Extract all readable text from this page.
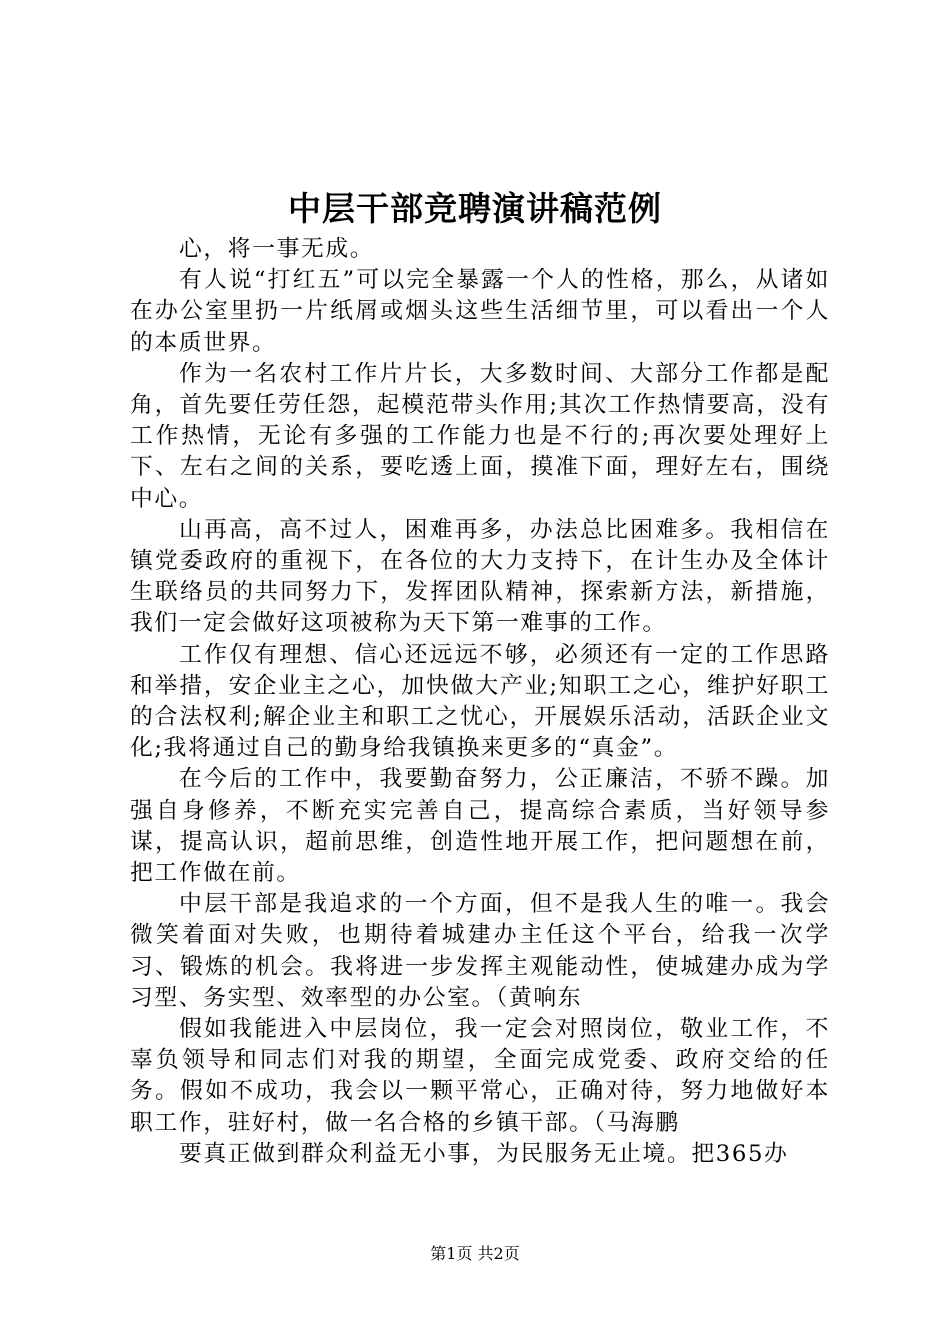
中层干部竞聘演讲稿范例

心，将一事无成。

有人说“打红五”可以完全暴露一个人的性格，那么，从诸如在办公室里扔一片纸屑或烟头这些生活细节里，可以看出一个人的本质世界。

作为一名农村工作片片长，大多数时间、大部分工作都是配角，首先要任劳任怨，起模范带头作用;其次工作热情要高，没有工作热情，无论有多强的工作能力也是不行的;再次要处理好上下、左右之间的关系，要吃透上面，摸准下面，理好左右，围绕中心。

山再高，高不过人，困难再多，办法总比困难多。我相信在镇党委政府的重视下，在各位的大力支持下，在计生办及全体计生联络员的共同努力下，发挥团队精神，探索新方法，新措施，我们一定会做好这项被称为天下第一难事的工作。

工作仅有理想、信心还远远不够，必须还有一定的工作思路和举措，安企业主之心，加快做大产业;知职工之心，维护好职工的合法权利;解企业主和职工之忧心，开展娱乐活动，活跃企业文化;我将通过自己的勤身给我镇换来更多的“真金”。

在今后的工作中，我要勤奋努力，公正廉洁，不骄不躁。加强自身修养，不断充实完善自己，提高综合素质，当好领导参谋，提高认识，超前思维，创造性地开展工作，把问题想在前，把工作做在前。

中层干部是我追求的一个方面，但不是我人生的唯一。我会微笑着面对失败，也期待着城建办主任这个平台，给我一次学习、锻炼的机会。我将进一步发挥主观能动性，使城建办成为学习型、务实型、效率型的办公室。（黄响东

假如我能进入中层岗位，我一定会对照岗位，敬业工作，不辜负领导和同志们对我的期望，全面完成党委、政府交给的任务。假如不成功，我会以一颗平常心，正确对待，努力地做好本职工作，驻好村，做一名合格的乡镇干部。（马海鹏

要真正做到群众利益无小事，为民服务无止境。把365办

第1页 共2页
